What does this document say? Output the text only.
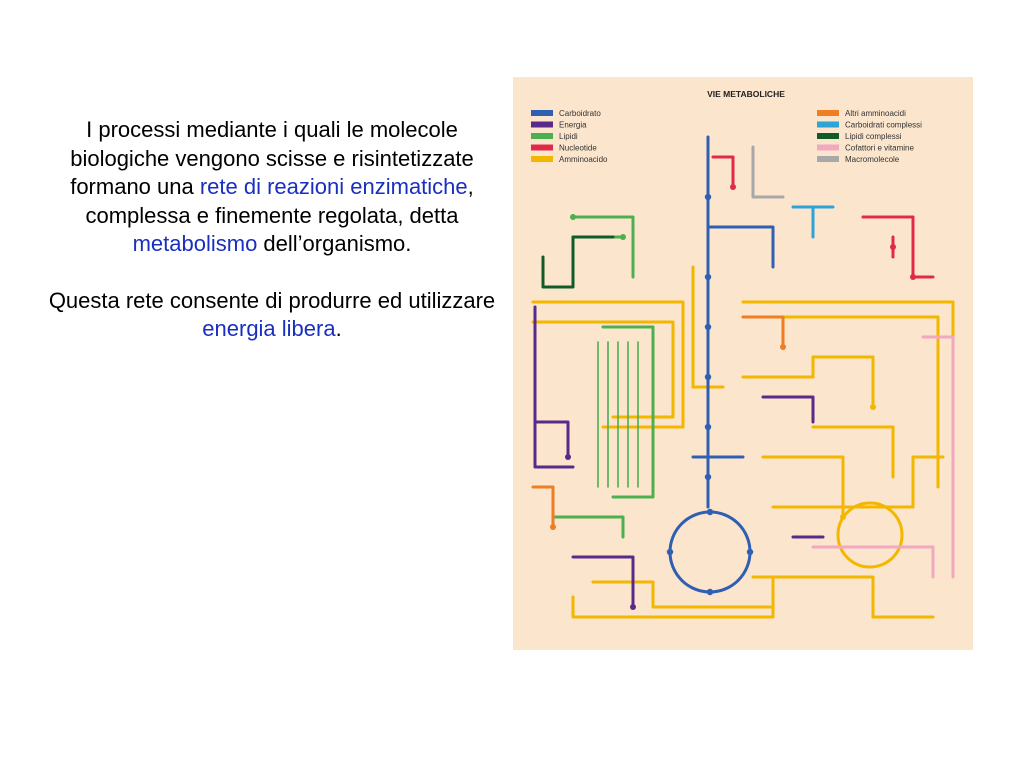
I processi mediante i quali le molecole biologiche vengono scisse e risintetizzate formano una rete di reazioni enzimatiche, complessa e finemente regolata, detta metabolismo dell’organismo.

Questa rete consente di produrre ed utilizzare energia libera.

VIE METABOLICHE
Carboidrato
Energia
Lipidi
Nucleotide
Amminoacido
Altri amminoacidi
Carboidrati complessi
Lipidi complessi
Cofattori e vitamine
Macromolecole
